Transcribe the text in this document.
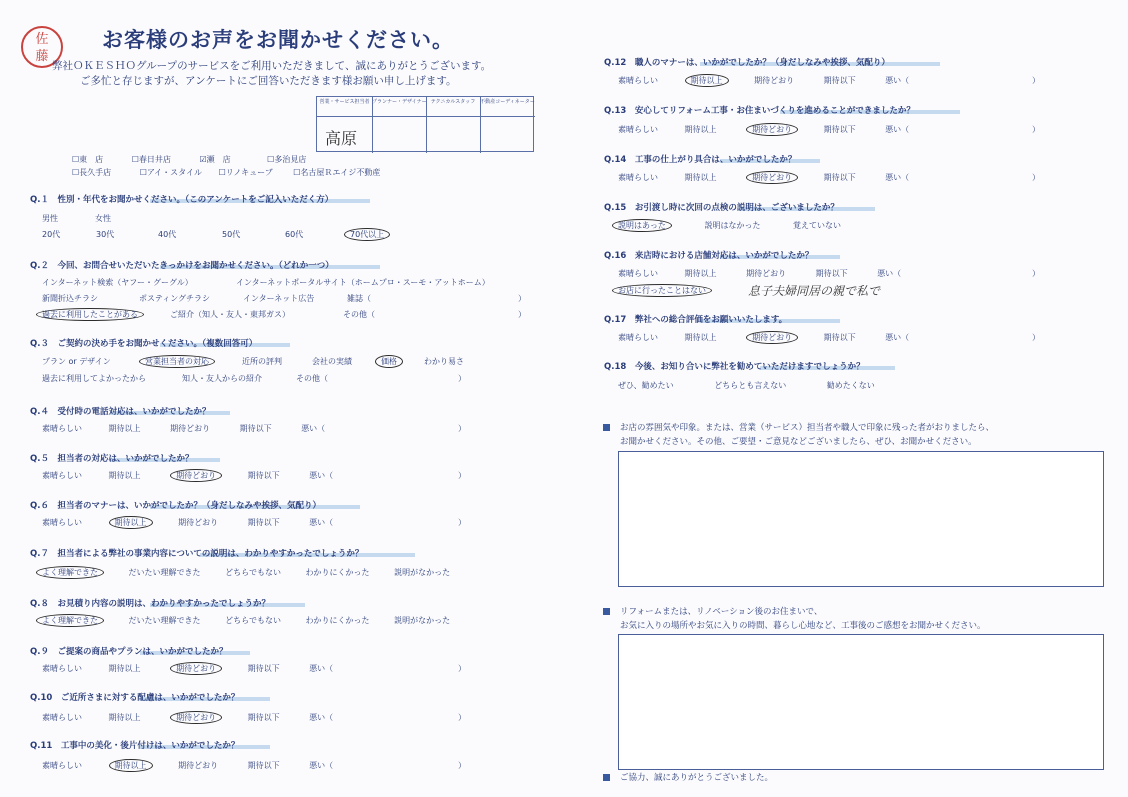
佐
藤
お客様のお声をお聞かせください。
弊社ＯＫＥＳＨＯグループのサービスをご利用いただきまして、誠にありがとうございます。
ご多忙と存じますが、アンケートにご回答いただきます様お願い申し上げます。
営業・サービス担当者 プランナー・デザイナー テクニカルスタッフ 不動産コーディネーター
高原
☐東　店	☐春日井店	☑瀬　店	☐多治見店
☐長久手店	☐アイ・スタイル ☐リノキューブ	☐名古屋Ｒエイジ不動産
Q.１　 性別・年代をお聞かせください。（このアンケートをご記入いただく方）
男性	女性
20代	30代	40代	50代	60代	70代以上
Q.２　 今回、お問合せいただいたきっかけをお聞かせください。（どれか一つ）
インターネット検索（ヤフー・グーグル）	インターネットポータルサイト（ホームプロ・スーモ・アットホーム）
新聞折込チラシ	ポスティングチラシ	インターネット広告	雑誌（	）
過去に利用したことがある	ご紹介（知人・友人・東邦ガス）	その他（	）
Q.３　 ご契約の決め手をお聞かせください。（複数回答可）
プラン or デザイン	営業担当者の対応	近所の評判	会社の実績	価格	わかり易さ
過去に利用してよかったから	知人・友人からの紹介	その他（	）
Q.４　 受付時の電話対応は、いかがでしたか？
素晴らしい	期待以上	期待どおり	期待以下	悪い（	）
Q.５　 担当者の対応は、いかがでしたか？
素晴らしい	期待以上	期待どおり	期待以下	悪い（	）
Q.６　 担当者のマナーは、いかがでしたか？（身だしなみや挨拶、気配り）
素晴らしい	期待以上	期待どおり	期待以下	悪い（	）
Q.７　 担当者による弊社の事業内容についての説明は、わかりやすかったでしょうか？
よく理解できた	だいたい理解できた	どちらでもない	わかりにくかった	説明がなかった
Q.８　 お見積り内容の説明は、わかりやすかったでしょうか？
よく理解できた	だいたい理解できた	どちらでもない	わかりにくかった	説明がなかった
Q.９　 ご提案の商品やプランは、いかがでしたか？
素晴らしい	期待以上	期待どおり	期待以下	悪い（	）
Q.10　 ご近所さまに対する配慮は、いかがでしたか？
素晴らしい	期待以上	期待どおり	期待以下	悪い（	）
Q.11　 工事中の美化・後片付けは、いかがでしたか？
素晴らしい	期待以上	期待どおり	期待以下	悪い（	）
Q.12　 職人のマナーは、いかがでしたか？（身だしなみや挨拶、気配り）
素晴らしい	期待以上	期待どおり	期待以下	悪い（	）
Q.13　 安心してリフォーム工事・お住まいづくりを進めることができましたか？
素晴らしい	期待以上	期待どおり	期待以下	悪い（	）
Q.14　 工事の仕上がり具合は、いかがでしたか？
素晴らしい	期待以上	期待どおり	期待以下	悪い（	）
Q.15　 お引渡し時に次回の点検の説明は、ございましたか？
説明はあった	説明はなかった	覚えていない
Q.16　 来店時における店舗対応は、いかがでしたか？
素晴らしい	期待以上	期待どおり	期待以下	悪い（	）
お店に行ったことはない	息子夫婦同居の親で私で
Q.17　 弊社への総合評価をお願いいたします。
素晴らしい	期待以上	期待どおり	期待以下	悪い（	）
Q.18　 今後、お知り合いに弊社を勧めていただけますでしょうか？
ぜひ、勧めたい	どちらとも言えない	勧めたくない
お店の雰囲気や印象。または、営業（サービス）担当者や職人で印象に残った者がおりましたら、
お聞かせください。その他、ご要望・ご意見などございましたら、ぜひ、お聞かせください。
リフォームまたは、リノベーション後のお住まいで、
お気に入りの場所やお気に入りの時間、暮らし心地など、工事後のご感想をお聞かせください。
ご協力、誠にありがとうございました。
